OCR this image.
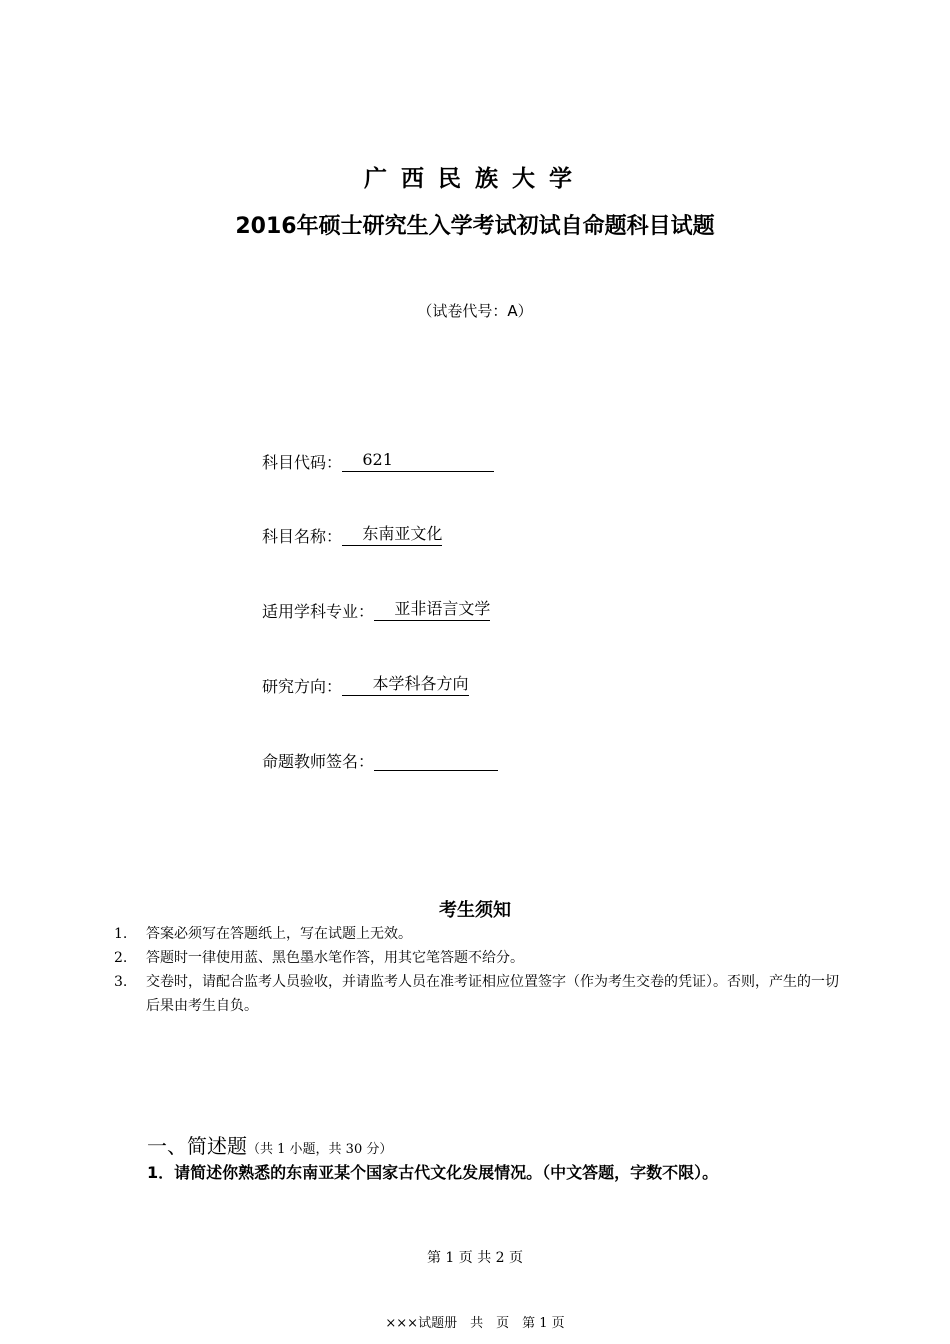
广西民族大学
2016年硕士研究生入学考试初试自命题科目试题
（试卷代号：A）
科目代码：    621
科目名称：    东南亚文化
适用学科专业：    亚非语言文学
研究方向：      本学科各方向
命题教师签名：
考生须知
1. 答案必须写在答题纸上，写在试题上无效。
2. 答题时一律使用蓝、黑色墨水笔作答，用其它笔答题不给分。
3. 交卷时，请配合监考人员验收，并请监考人员在准考证相应位置签字（作为考生交卷的凭证）。否则，产生的一切后果由考生自负。
一、简述题（共 1 小题，共 30 分）
1．请简述你熟悉的东南亚某个国家古代文化发展情况。（中文答题，字数不限）。
第 1 页 共 2 页
×××试题册　共　页　第 1 页
